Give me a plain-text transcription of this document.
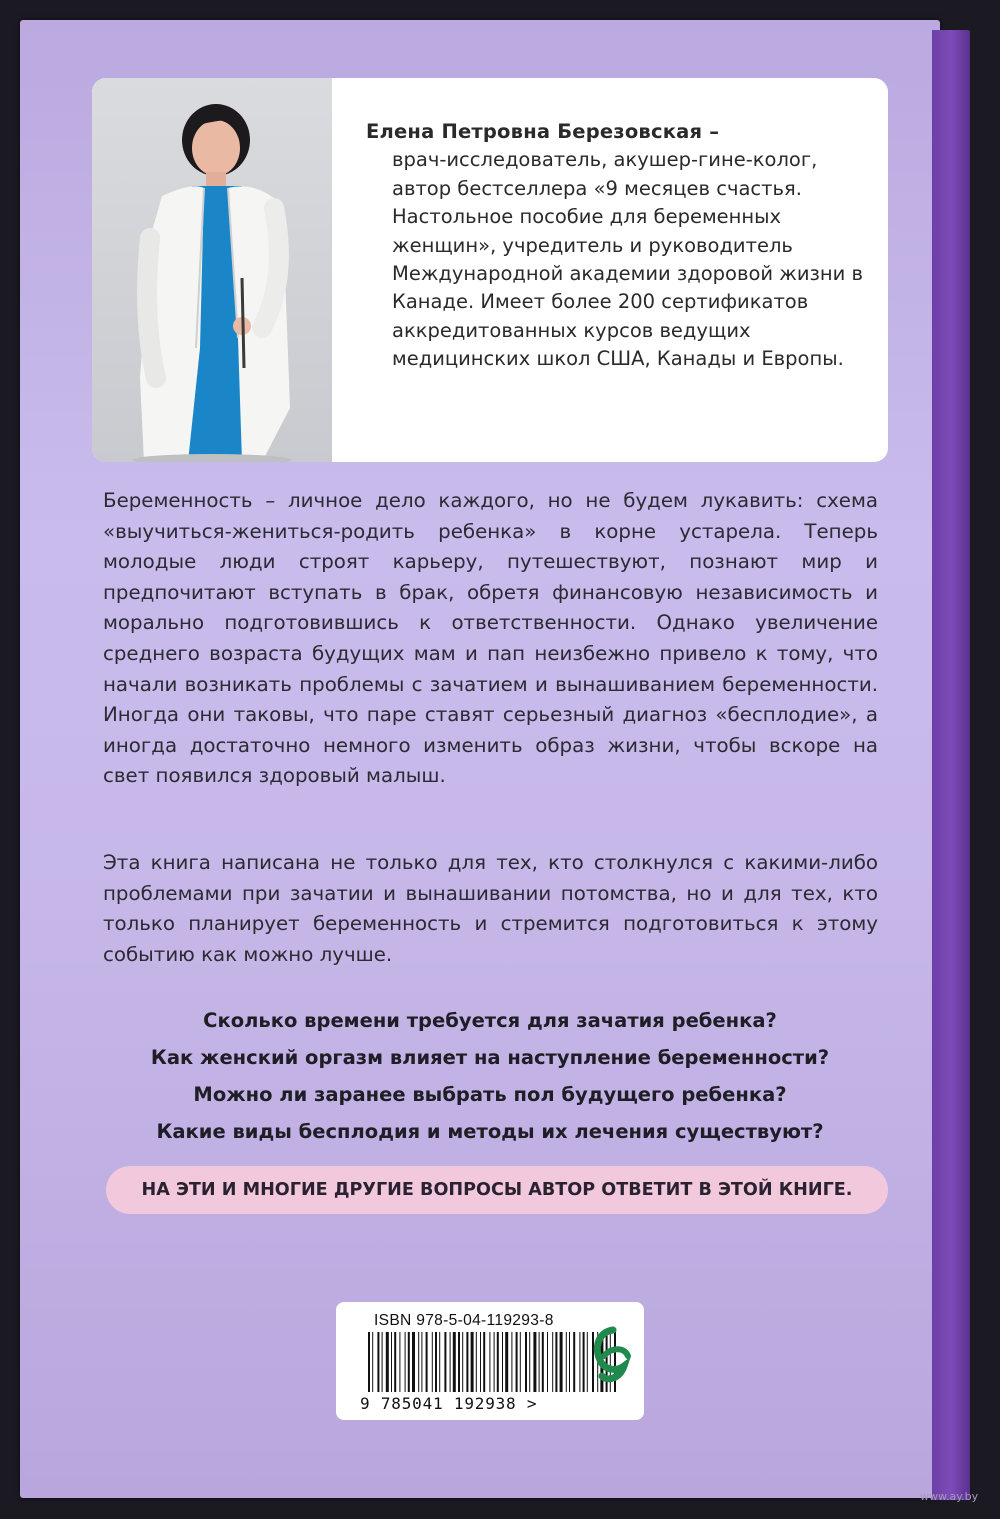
Елена Петровна Березовская –
врач-исследователь, акушер-гине-колог, автор бестселлера «9 месяцев счастья. Настольное пособие для беременных женщин», учредитель и руководитель Международной академии здоровой жизни в Канаде. Имеет более 200 сертификатов аккредитованных курсов ведущих медицинских школ США, Канады и Европы.
Беременность – личное дело каждого, но не будем лукавить: схема «выучиться-жениться-родить ребенка» в корне устарела. Теперь молодые люди строят карьеру, путешествуют, познают мир и предпочитают вступать в брак, обретя финансовую независимость и морально подготовившись к ответственности. Однако увеличение среднего возраста будущих мам и пап неизбежно привело к тому, что начали возникать проблемы с зачатием и вынашиванием беременности. Иногда они таковы, что паре ставят серьезный диагноз «бесплодие», а иногда достаточно немного изменить образ жизни, чтобы вскоре на свет появился здоровый малыш.
Эта книга написана не только для тех, кто столкнулся с какими-либо проблемами при зачатии и вынашивании потомства, но и для тех, кто только планирует беременность и стремится подготовиться к этому событию как можно лучше.
Сколько времени требуется для зачатия ребенка?
Как женский оргазм влияет на наступление беременности?
Можно ли заранее выбрать пол будущего ребенка?
Какие виды бесплодия и методы их лечения существуют?
НА ЭТИ И МНОГИЕ ДРУГИЕ ВОПРОСЫ АВТОР ОТВЕТИТ В ЭТОЙ КНИГЕ.
ISBN 978-5-04-119293-8
9 785041 192938 >
www.ay.by
